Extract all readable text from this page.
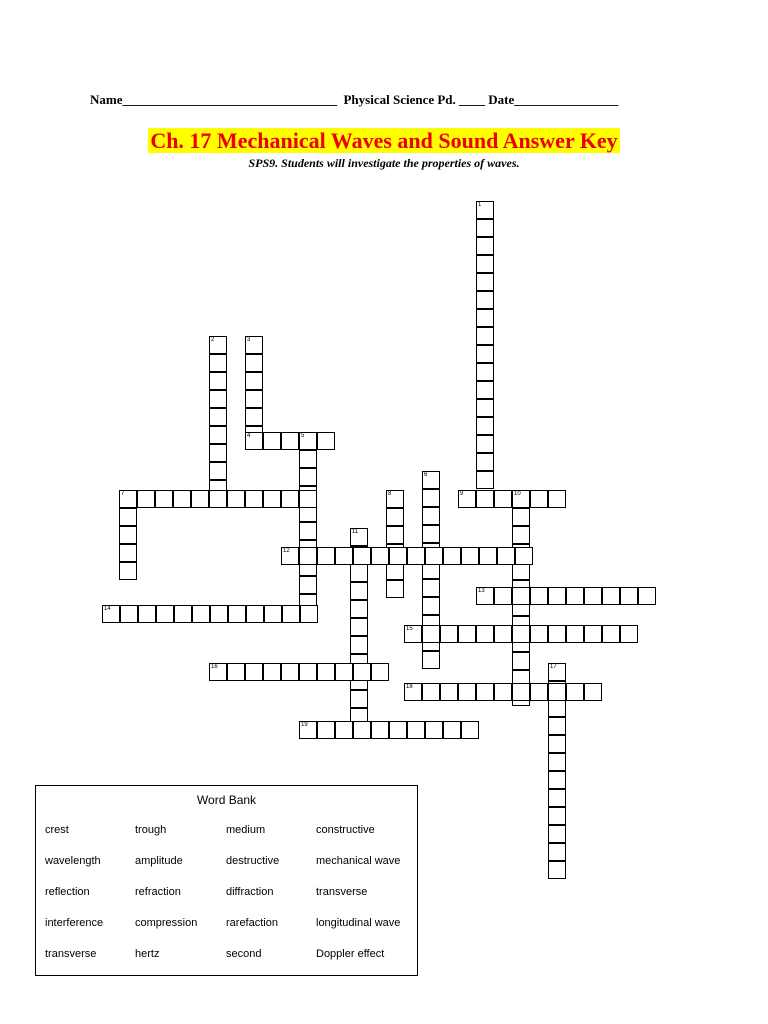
Name_________________________________  Physical Science Pd. ____ Date________________
Ch. 17 Mechanical Waves and Sound Answer Key
SPS9. Students will investigate the properties of waves.
1
2	3
4	5
6
7	8	9	10
11
12
13
14
15
16	17
18
19
Word Bank
crest	trough	medium	constructive
wavelength	amplitude	destructive	mechanical wave
reflection	refraction	diffraction	transverse
interference	compression	rarefaction	longitudinal wave
transverse	hertz	second	Doppler effect
